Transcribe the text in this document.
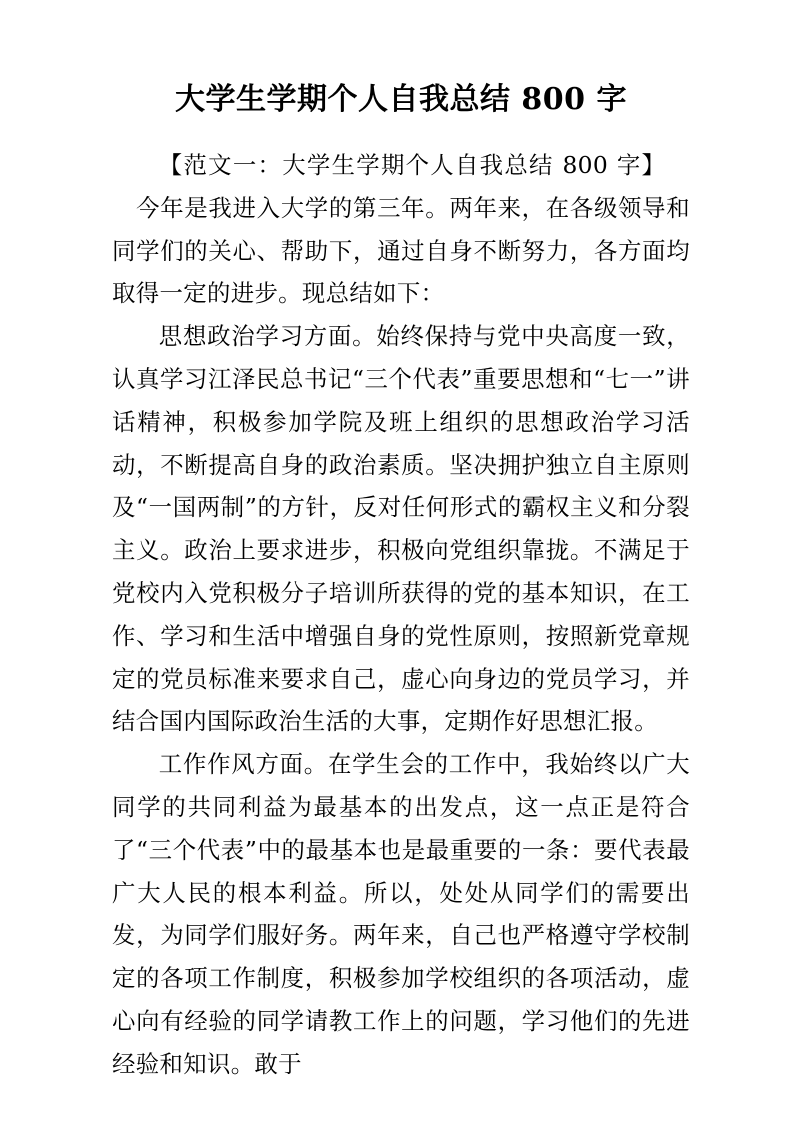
大学生学期个人自我总结 800 字

【范文一：大学生学期个人自我总结 800 字】今年是我进入大学的第三年。两年来，在各级领导和同学们的关心、帮助下，通过自身不断努力，各方面均取得一定的进步。现总结如下：

思想政治学习方面。始终保持与党中央高度一致，认真学习江泽民总书记“三个代表”重要思想和“七一”讲话精神，积极参加学院及班上组织的思想政治学习活动，不断提高自身的政治素质。坚决拥护独立自主原则及“一国两制”的方针，反对任何形式的霸权主义和分裂主义。政治上要求进步，积极向党组织靠拢。不满足于党校内入党积极分子培训所获得的党的基本知识，在工作、学习和生活中增强自身的党性原则，按照新党章规定的党员标准来要求自己，虚心向身边的党员学习，并结合国内国际政治生活的大事，定期作好思想汇报。

工作作风方面。在学生会的工作中，我始终以广大同学的共同利益为最基本的出发点，这一点正是符合了“三个代表”中的最基本也是最重要的一条：要代表最广大人民的根本利益。所以，处处从同学们的需要出发，为同学们服好务。两年来，自己也严格遵守学校制定的各项工作制度，积极参加学校组织的各项活动，虚心向有经验的同学请教工作上的问题，学习他们的先进经验和知识。敢于
